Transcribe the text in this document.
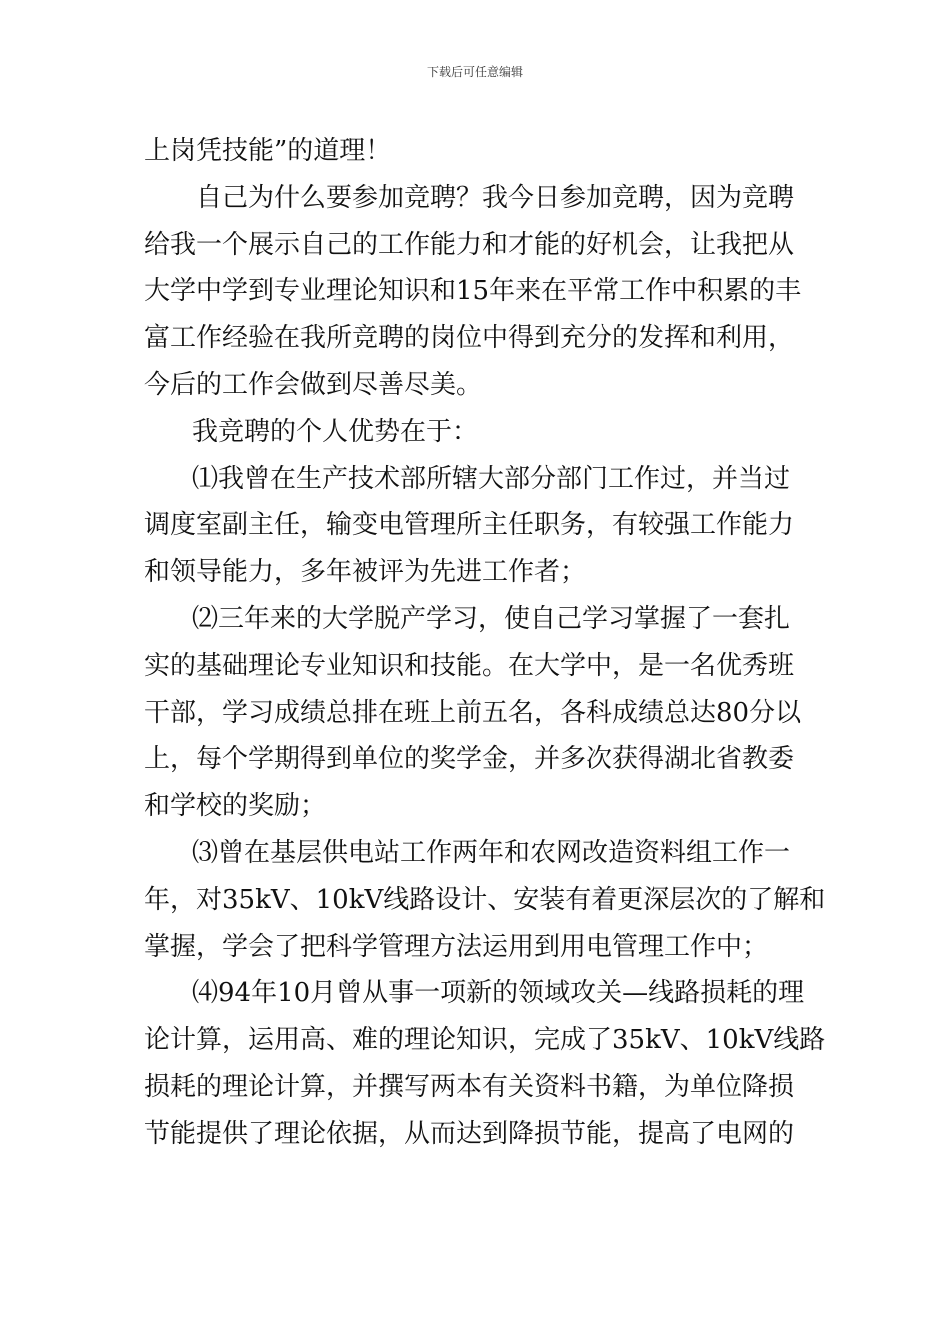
下载后可任意编辑
上岗凭技能”的道理！
自己为什么要参加竞聘？我今日参加竞聘，因为竞聘
给我一个展示自己的工作能力和才能的好机会，让我把从
大学中学到专业理论知识和15年来在平常工作中积累的丰
富工作经验在我所竞聘的岗位中得到充分的发挥和利用，
今后的工作会做到尽善尽美。
我竞聘的个人优势在于：
⑴我曾在生产技术部所辖大部分部门工作过，并当过
调度室副主任，输变电管理所主任职务，有较强工作能力
和领导能力，多年被评为先进工作者；
⑵三年来的大学脱产学习，使自己学习掌握了一套扎
实的基础理论专业知识和技能。在大学中，是一名优秀班
干部，学习成绩总排在班上前五名，各科成绩总达80分以
上，每个学期得到单位的奖学金，并多次获得湖北省教委
和学校的奖励；
⑶曾在基层供电站工作两年和农网改造资料组工作一
年，对35kV、10kV线路设计、安装有着更深层次的了解和
掌握，学会了把科学管理方法运用到用电管理工作中；
⑷94年10月曾从事一项新的领域攻关—线路损耗的理
论计算，运用高、难的理论知识，完成了35kV、10kV线路
损耗的理论计算，并撰写两本有关资料书籍，为单位降损
节能提供了理论依据，从而达到降损节能，提高了电网的
